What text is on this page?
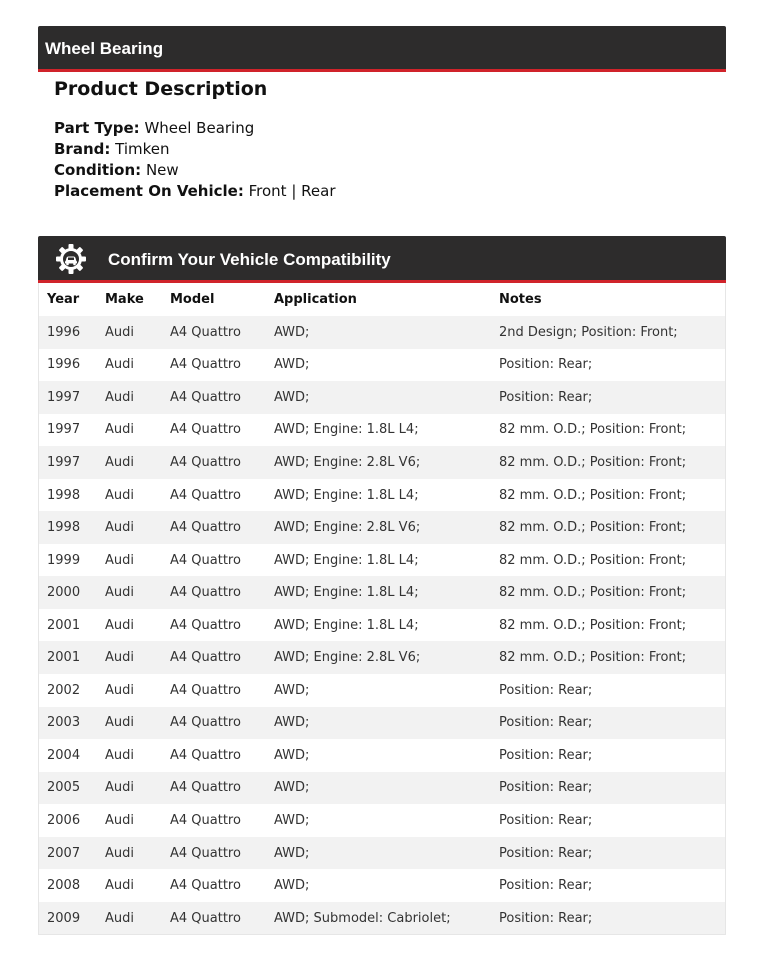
Wheel Bearing
Product Description
Part Type: Wheel Bearing
Brand: Timken
Condition: New
Placement On Vehicle: Front | Rear
Confirm Your Vehicle Compatibility
Year	Make	Model	Application	Notes
1996	Audi	A4 Quattro	AWD;	2nd Design; Position: Front;
1996	Audi	A4 Quattro	AWD;	Position: Rear;
1997	Audi	A4 Quattro	AWD;	Position: Rear;
1997	Audi	A4 Quattro	AWD; Engine: 1.8L L4;	82 mm. O.D.; Position: Front;
1997	Audi	A4 Quattro	AWD; Engine: 2.8L V6;	82 mm. O.D.; Position: Front;
1998	Audi	A4 Quattro	AWD; Engine: 1.8L L4;	82 mm. O.D.; Position: Front;
1998	Audi	A4 Quattro	AWD; Engine: 2.8L V6;	82 mm. O.D.; Position: Front;
1999	Audi	A4 Quattro	AWD; Engine: 1.8L L4;	82 mm. O.D.; Position: Front;
2000	Audi	A4 Quattro	AWD; Engine: 1.8L L4;	82 mm. O.D.; Position: Front;
2001	Audi	A4 Quattro	AWD; Engine: 1.8L L4;	82 mm. O.D.; Position: Front;
2001	Audi	A4 Quattro	AWD; Engine: 2.8L V6;	82 mm. O.D.; Position: Front;
2002	Audi	A4 Quattro	AWD;	Position: Rear;
2003	Audi	A4 Quattro	AWD;	Position: Rear;
2004	Audi	A4 Quattro	AWD;	Position: Rear;
2005	Audi	A4 Quattro	AWD;	Position: Rear;
2006	Audi	A4 Quattro	AWD;	Position: Rear;
2007	Audi	A4 Quattro	AWD;	Position: Rear;
2008	Audi	A4 Quattro	AWD;	Position: Rear;
2009	Audi	A4 Quattro	AWD; Submodel: Cabriolet;	Position: Rear;
